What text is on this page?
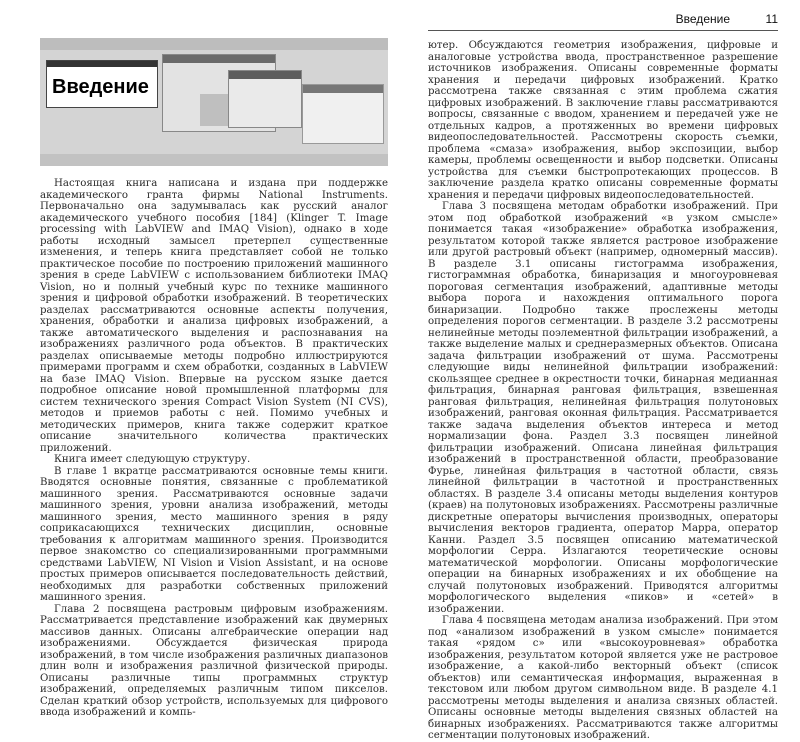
Введение	11
Введение

Настоящая книга написана и издана при поддержке академического гранта фирмы National Instruments. Первоначально она задумывалась как русский аналог академического учебного пособия [184] (Klinger T. Image processing with LabVIEW and IMAQ Vision), однако в ходе работы исходный замысел претерпел существенные изменения, и теперь книга представляет собой не только практическое пособие по построению приложений машинного зрения в среде LabVIEW с использованием библиотеки IMAQ Vision, но и полный учебный курс по технике машинного зрения и цифровой обработки изображений. В теоретических разделах рассматриваются основные аспекты получения, хранения, обработки и анализа цифровых изображений, а также автоматического выделения и распознавания на изображениях различного рода объектов. В практических разделах описываемые методы подробно иллюстрируются примерами программ и схем обработки, созданных в LabVIEW на базе IMAQ Vision. Впервые на русском языке дается подробное описание новой промышленной платформы для систем технического зрения Compact Vision System (NI CVS), методов и приемов работы с ней. Помимо учебных и методических примеров, книга также содержит краткое описание значительного количества практических приложений.

Книга имеет следующую структуру.

В главе 1 вкратце рассматриваются основные темы книги. Вводятся основные понятия, связанные с проблематикой машинного зрения. Рассматриваются основные задачи машинного зрения, уровни анализа изображений, методы машинного зрения, место машинного зрения в ряду соприкасающихся технических дисциплин, основные требования к алгоритмам машинного зрения. Производится первое знакомство со специализированными программными средствами LabVIEW, NI Vision и Vision Assistant, и на основе простых примеров описывается последовательность действий, необходимых для разработки собственных приложений машинного зрения.

Глава 2 посвящена растровым цифровым изображениям. Рассматривается представление изображений как двумерных массивов данных. Описаны алгебраические операции над изображениями. Обсуждается физическая природа изображений, в том числе изображения различных диапазонов длин волн и изображения различной физической природы. Описаны различные типы программных структур изображений, определяемых различным типом пикселов. Сделан краткий обзор устройств, используемых для цифрового ввода изображений и компь-

ютер. Обсуждаются геометрия изображения, цифровые и аналоговые устройства ввода, пространственное разрешение источников изображения. Описаны современные форматы хранения и передачи цифровых изображений. Кратко рассмотрена также связанная с этим проблема сжатия цифровых изображений. В заключение главы рассматриваются вопросы, связанные с вводом, хранением и передачей уже не отдельных кадров, а протяженных во времени цифровых видеопоследовательностей. Рассмотрены скорость съемки, проблема «смаза» изображения, выбор экспозиции, выбор камеры, проблемы освещенности и выбор подсветки. Описаны устройства для съемки быстропротекающих процессов. В заключение раздела кратко описаны современные форматы хранения и передачи цифровых видеопоследовательностей.

Глава 3 посвящена методам обработки изображений. При этом под обработкой изображений «в узком смысле» понимается такая «изображение» обработка изображения, результатом которой также является растровое изображение или другой растровый объект (например, одномерный массив). В разделе 3.1 описаны гистограмма изображения, гистограммная обработка, бинаризация и многоуровневая пороговая сегментация изображений, адаптивные методы выбора порога и нахождения оптимального порога бинаризации. Подробно также прослежены методы определения порогов сегментации. В разделе 3.2 рассмотрены нелинейные методы поэлементной фильтрации изображений, а также выделение малых и среднеразмерных объектов. Описана задача фильтрации изображений от шума. Рассмотрены следующие виды нелинейной фильтрации изображений: скользящее среднее в окрестности точки, бинарная медианная фильтрация, бинарная ранговая фильтрация, взвешенная ранговая фильтрация, нелинейная фильтрация полутоновых изображений, ранговая оконная фильтрация. Рассматривается также задача выделения объектов интереса и метод нормализации фона. Раздел 3.3 посвящен линейной фильтрации изображений. Описана линейная фильтрация изображений в пространственной области, преобразование Фурье, линейная фильтрация в частотной области, связь линейной фильтрации в частотной и пространственных областях. В разделе 3.4 описаны методы выделения контуров (краев) на полутоновых изображениях. Рассмотрены различные дискретные операторы вычисления производных, операторы вычисления векторов градиента, оператор Марра, оператор Канни. Раздел 3.5 посвящен описанию математической морфологии Серра. Излагаются теоретические основы математической морфологии. Описаны морфологические операции на бинарных изображениях и их обобщение на случай полутоновых изображений. Приводятся алгоритмы морфологического выделения «пиков» и «сетей» в изображении.

Глава 4 посвящена методам анализа изображений. При этом под «анализом изображений в узком смысле» понимается такая «рядом с» или «высокоуровневая» обработка изображения, результатом которой является уже не растровое изображение, а какой-либо векторный объект (список объектов) или семантическая информация, выраженная в текстовом или любом другом символьном виде. В разделе 4.1 рассмотрены методы выделения и анализа связных областей. Описаны основные методы выделения связных областей на бинарных изображениях. Рассматриваются также алгоритмы сегментации полутоновых изображений.
